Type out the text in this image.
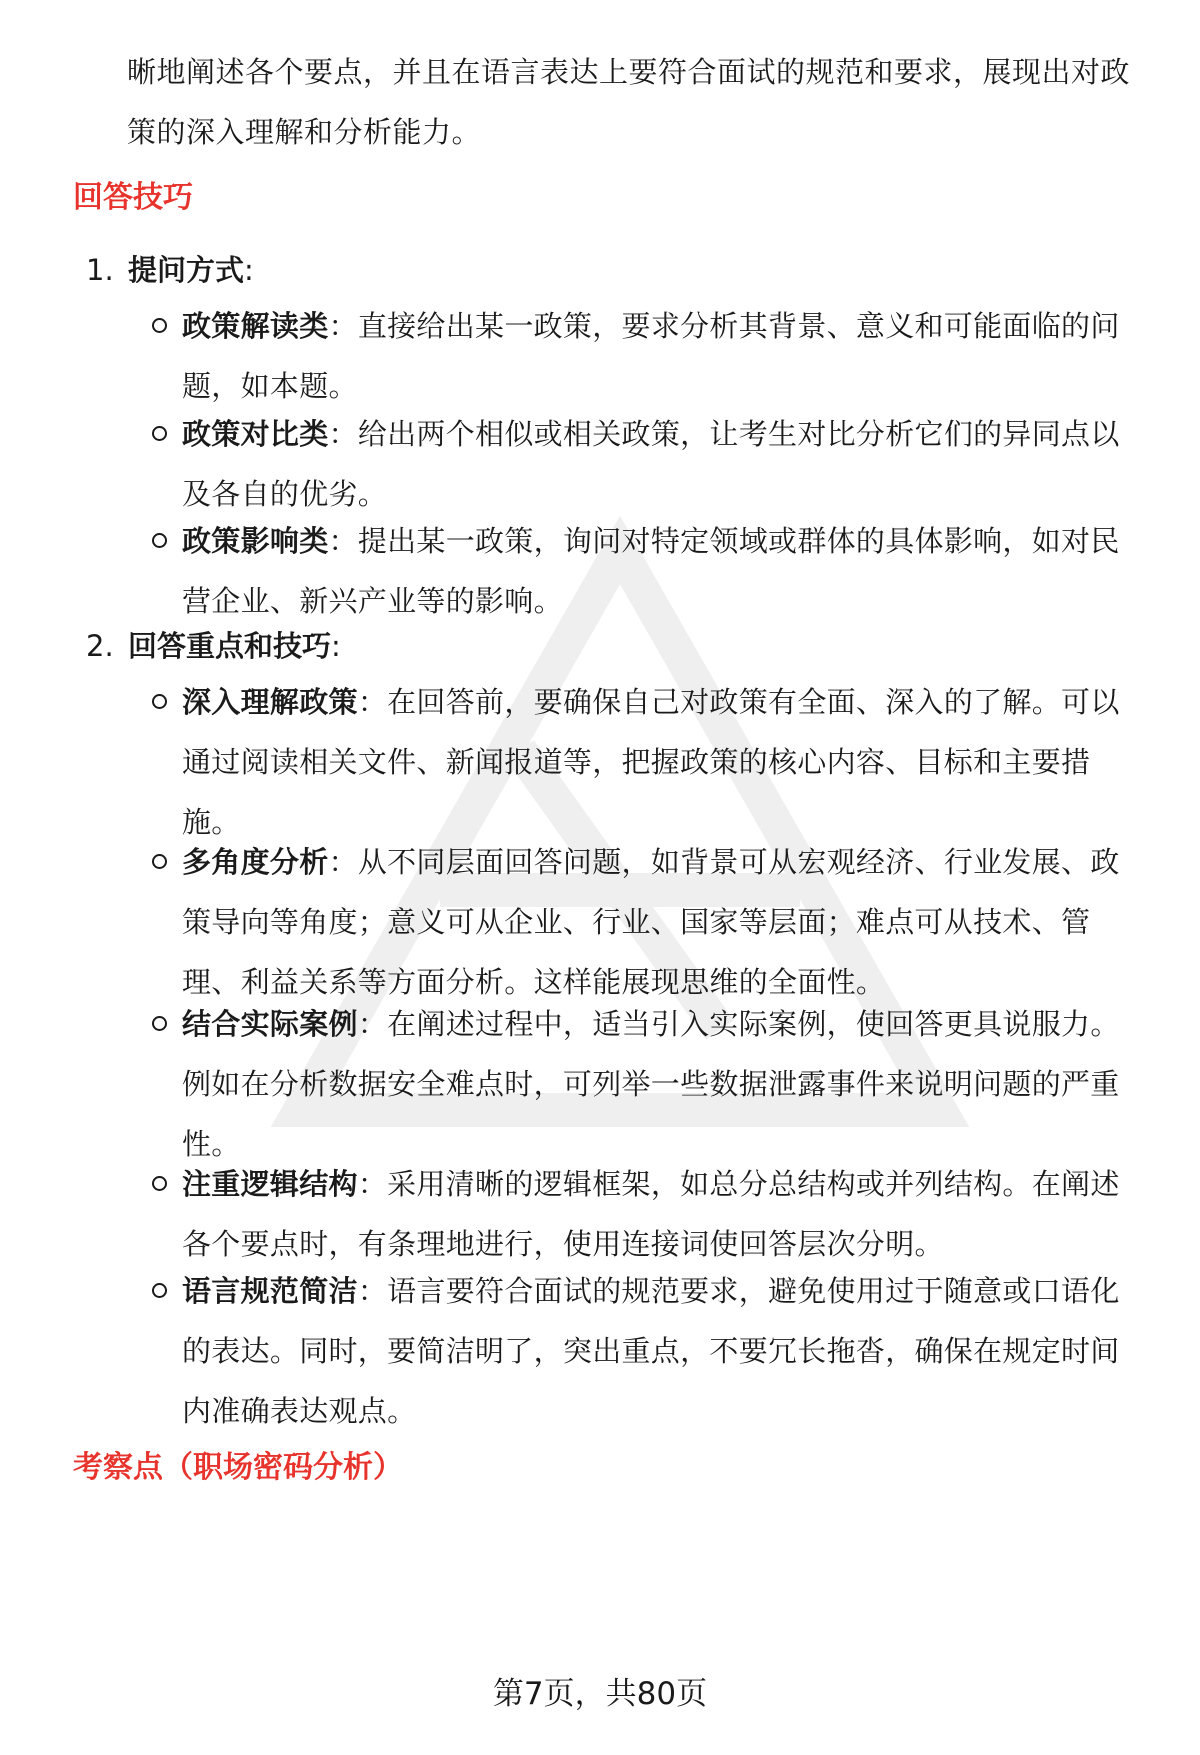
晰地阐述各个要点，并且在语言表达上要符合面试的规范和要求，展现出对政策的深入理解和分析能力。
回答技巧
1. 提问方式:
政策解读类：直接给出某一政策，要求分析其背景、意义和可能面临的问题，如本题。
政策对比类：给出两个相似或相关政策，让考生对比分析它们的异同点以及各自的优劣。
政策影响类：提出某一政策，询问对特定领域或群体的具体影响，如对民营企业、新兴产业等的影响。
2. 回答重点和技巧:
深入理解政策：在回答前，要确保自己对政策有全面、深入的了解。可以通过阅读相关文件、新闻报道等，把握政策的核心内容、目标和主要措施。
多角度分析：从不同层面回答问题，如背景可从宏观经济、行业发展、政策导向等角度；意义可从企业、行业、国家等层面；难点可从技术、管理、利益关系等方面分析。这样能展现思维的全面性。
结合实际案例：在阐述过程中，适当引入实际案例，使回答更具说服力。例如在分析数据安全难点时，可列举一些数据泄露事件来说明问题的严重性。
注重逻辑结构：采用清晰的逻辑框架，如总分总结构或并列结构。在阐述各个要点时，有条理地进行，使用连接词使回答层次分明。
语言规范简洁：语言要符合面试的规范要求，避免使用过于随意或口语化的表达。同时，要简洁明了，突出重点，不要冗长拖沓，确保在规定时间内准确表达观点。
考察点（职场密码分析）
第7页，共80页
